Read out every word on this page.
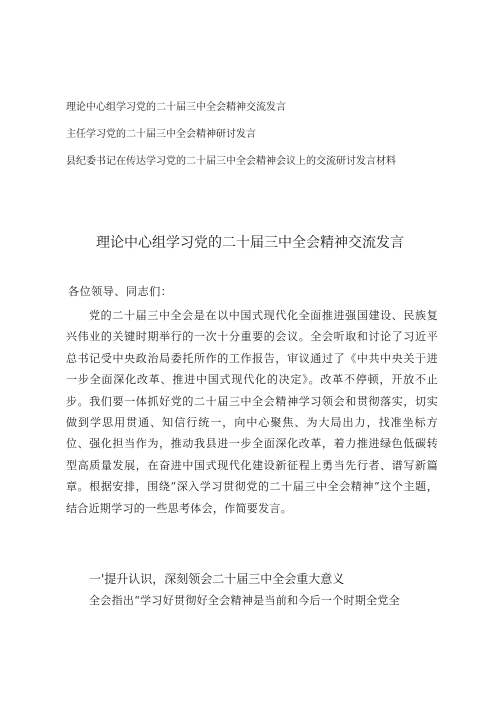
理论中心组学习党的二十届三中全会精神交流发言
主任学习党的二十届三中全会精神研讨发言
县纪委书记在传达学习党的二十届三中全会精神会议上的交流研讨发言材料
理论中心组学习党的二十届三中全会精神交流发言
各位领导、同志们：

党的二十届三中全会是在以中国式现代化全面推进强国建设、民族复兴伟业的关键时期举行的一次十分重要的会议。全会听取和讨论了习近平总书记受中央政治局委托所作的工作报告，审议通过了《中共中央关于进一步全面深化改革、推进中国式现代化的决定》。改革不停顿，开放不止步。我们要一体抓好党的二十届三中全会精神学习领会和贯彻落实，切实做到学思用贯通、知信行统一，向中心聚焦、为大局出力，找准坐标方位、强化担当作为，推动我县进一步全面深化改革，着力推进绿色低碳转型高质量发展，在奋进中国式现代化建设新征程上勇当先行者、谱写新篇章。根据安排，围绕“深入学习贯彻党的二十届三中全会精神”这个主题，结合近期学习的一些思考体会，作简要发言。

一'提升认识，深刻领会二十届三中全会重大意义

全会指出“学习好贯彻好全会精神是当前和今后一个时期全党全
